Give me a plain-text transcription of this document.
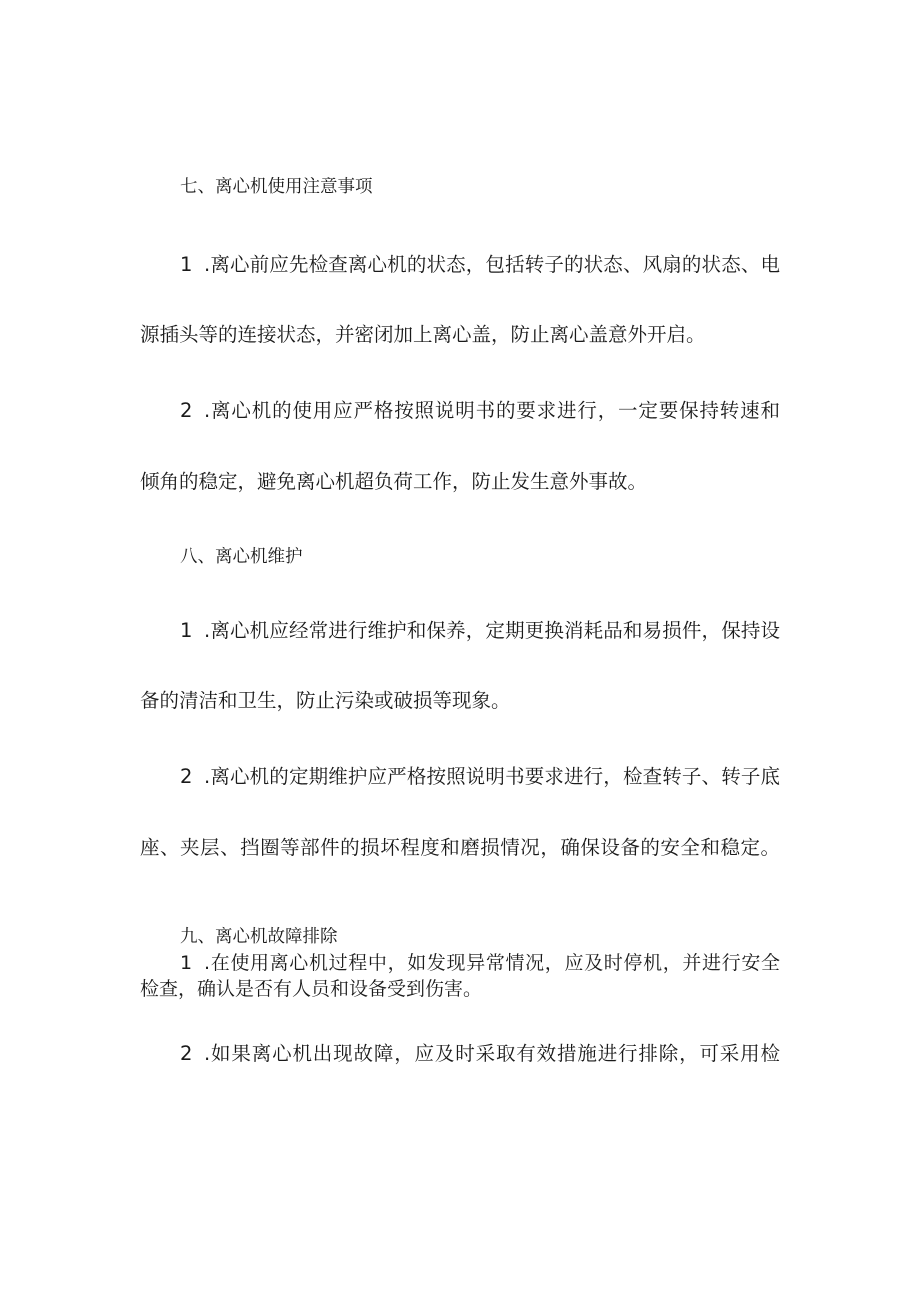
七、离心机使用注意事项
1 .离心前应先检查离心机的状态，包括转子的状态、风扇的状态、电
源插头等的连接状态，并密闭加上离心盖，防止离心盖意外开启。
2 .离心机的使用应严格按照说明书的要求进行，一定要保持转速和
倾角的稳定，避免离心机超负荷工作，防止发生意外事故。
八、离心机维护
1 .离心机应经常进行维护和保养，定期更换消耗品和易损件，保持设
备的清洁和卫生，防止污染或破损等现象。
2 .离心机的定期维护应严格按照说明书要求进行，检查转子、转子底
座、夹层、挡圈等部件的损坏程度和磨损情况，确保设备的安全和稳定。
九、离心机故障排除
1 .在使用离心机过程中，如发现异常情况，应及时停机，并进行安全
检查，确认是否有人员和设备受到伤害。
2 .如果离心机出现故障，应及时采取有效措施进行排除，可采用检
